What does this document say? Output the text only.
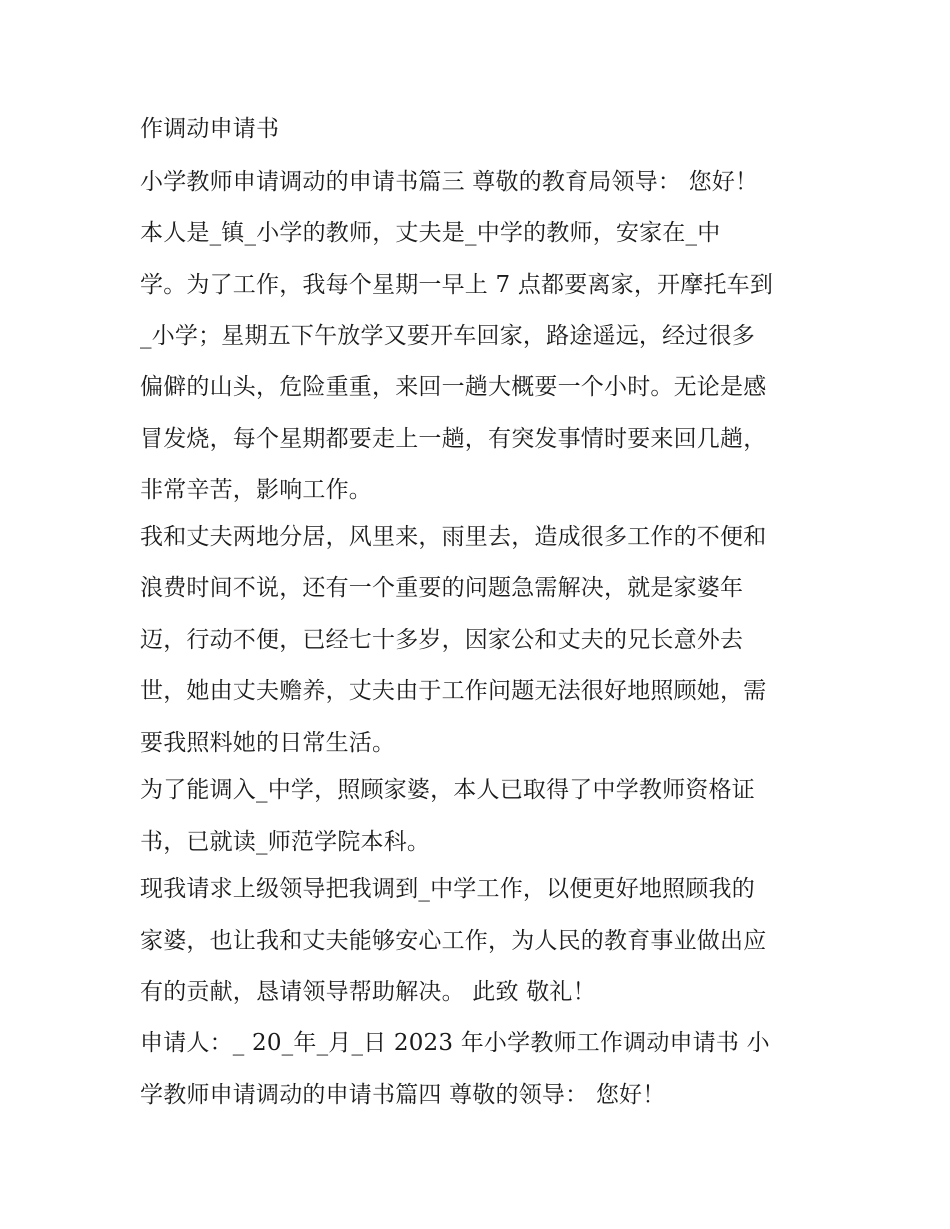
作调动申请书
小学教师申请调动的申请书篇三 尊敬的教育局领导： 您好！
本人是_镇_小学的教师，丈夫是_中学的教师，安家在_中
学。为了工作，我每个星期一早上 7 点都要离家，开摩托车到
_小学；星期五下午放学又要开车回家，路途遥远，经过很多
偏僻的山头，危险重重，来回一趟大概要一个小时。无论是感
冒发烧，每个星期都要走上一趟，有突发事情时要来回几趟，
非常辛苦，影响工作。
我和丈夫两地分居，风里来，雨里去，造成很多工作的不便和
浪费时间不说，还有一个重要的问题急需解决，就是家婆年
迈，行动不便，已经七十多岁，因家公和丈夫的兄长意外去
世，她由丈夫赡养，丈夫由于工作问题无法很好地照顾她，需
要我照料她的日常生活。
为了能调入_中学，照顾家婆，本人已取得了中学教师资格证
书，已就读_师范学院本科。
现我请求上级领导把我调到_中学工作，以便更好地照顾我的
家婆，也让我和丈夫能够安心工作，为人民的教育事业做出应
有的贡献，恳请领导帮助解决。 此致 敬礼！
申请人：_ 20_年_月_日 2023 年小学教师工作调动申请书 小
学教师申请调动的申请书篇四 尊敬的领导： 您好！
